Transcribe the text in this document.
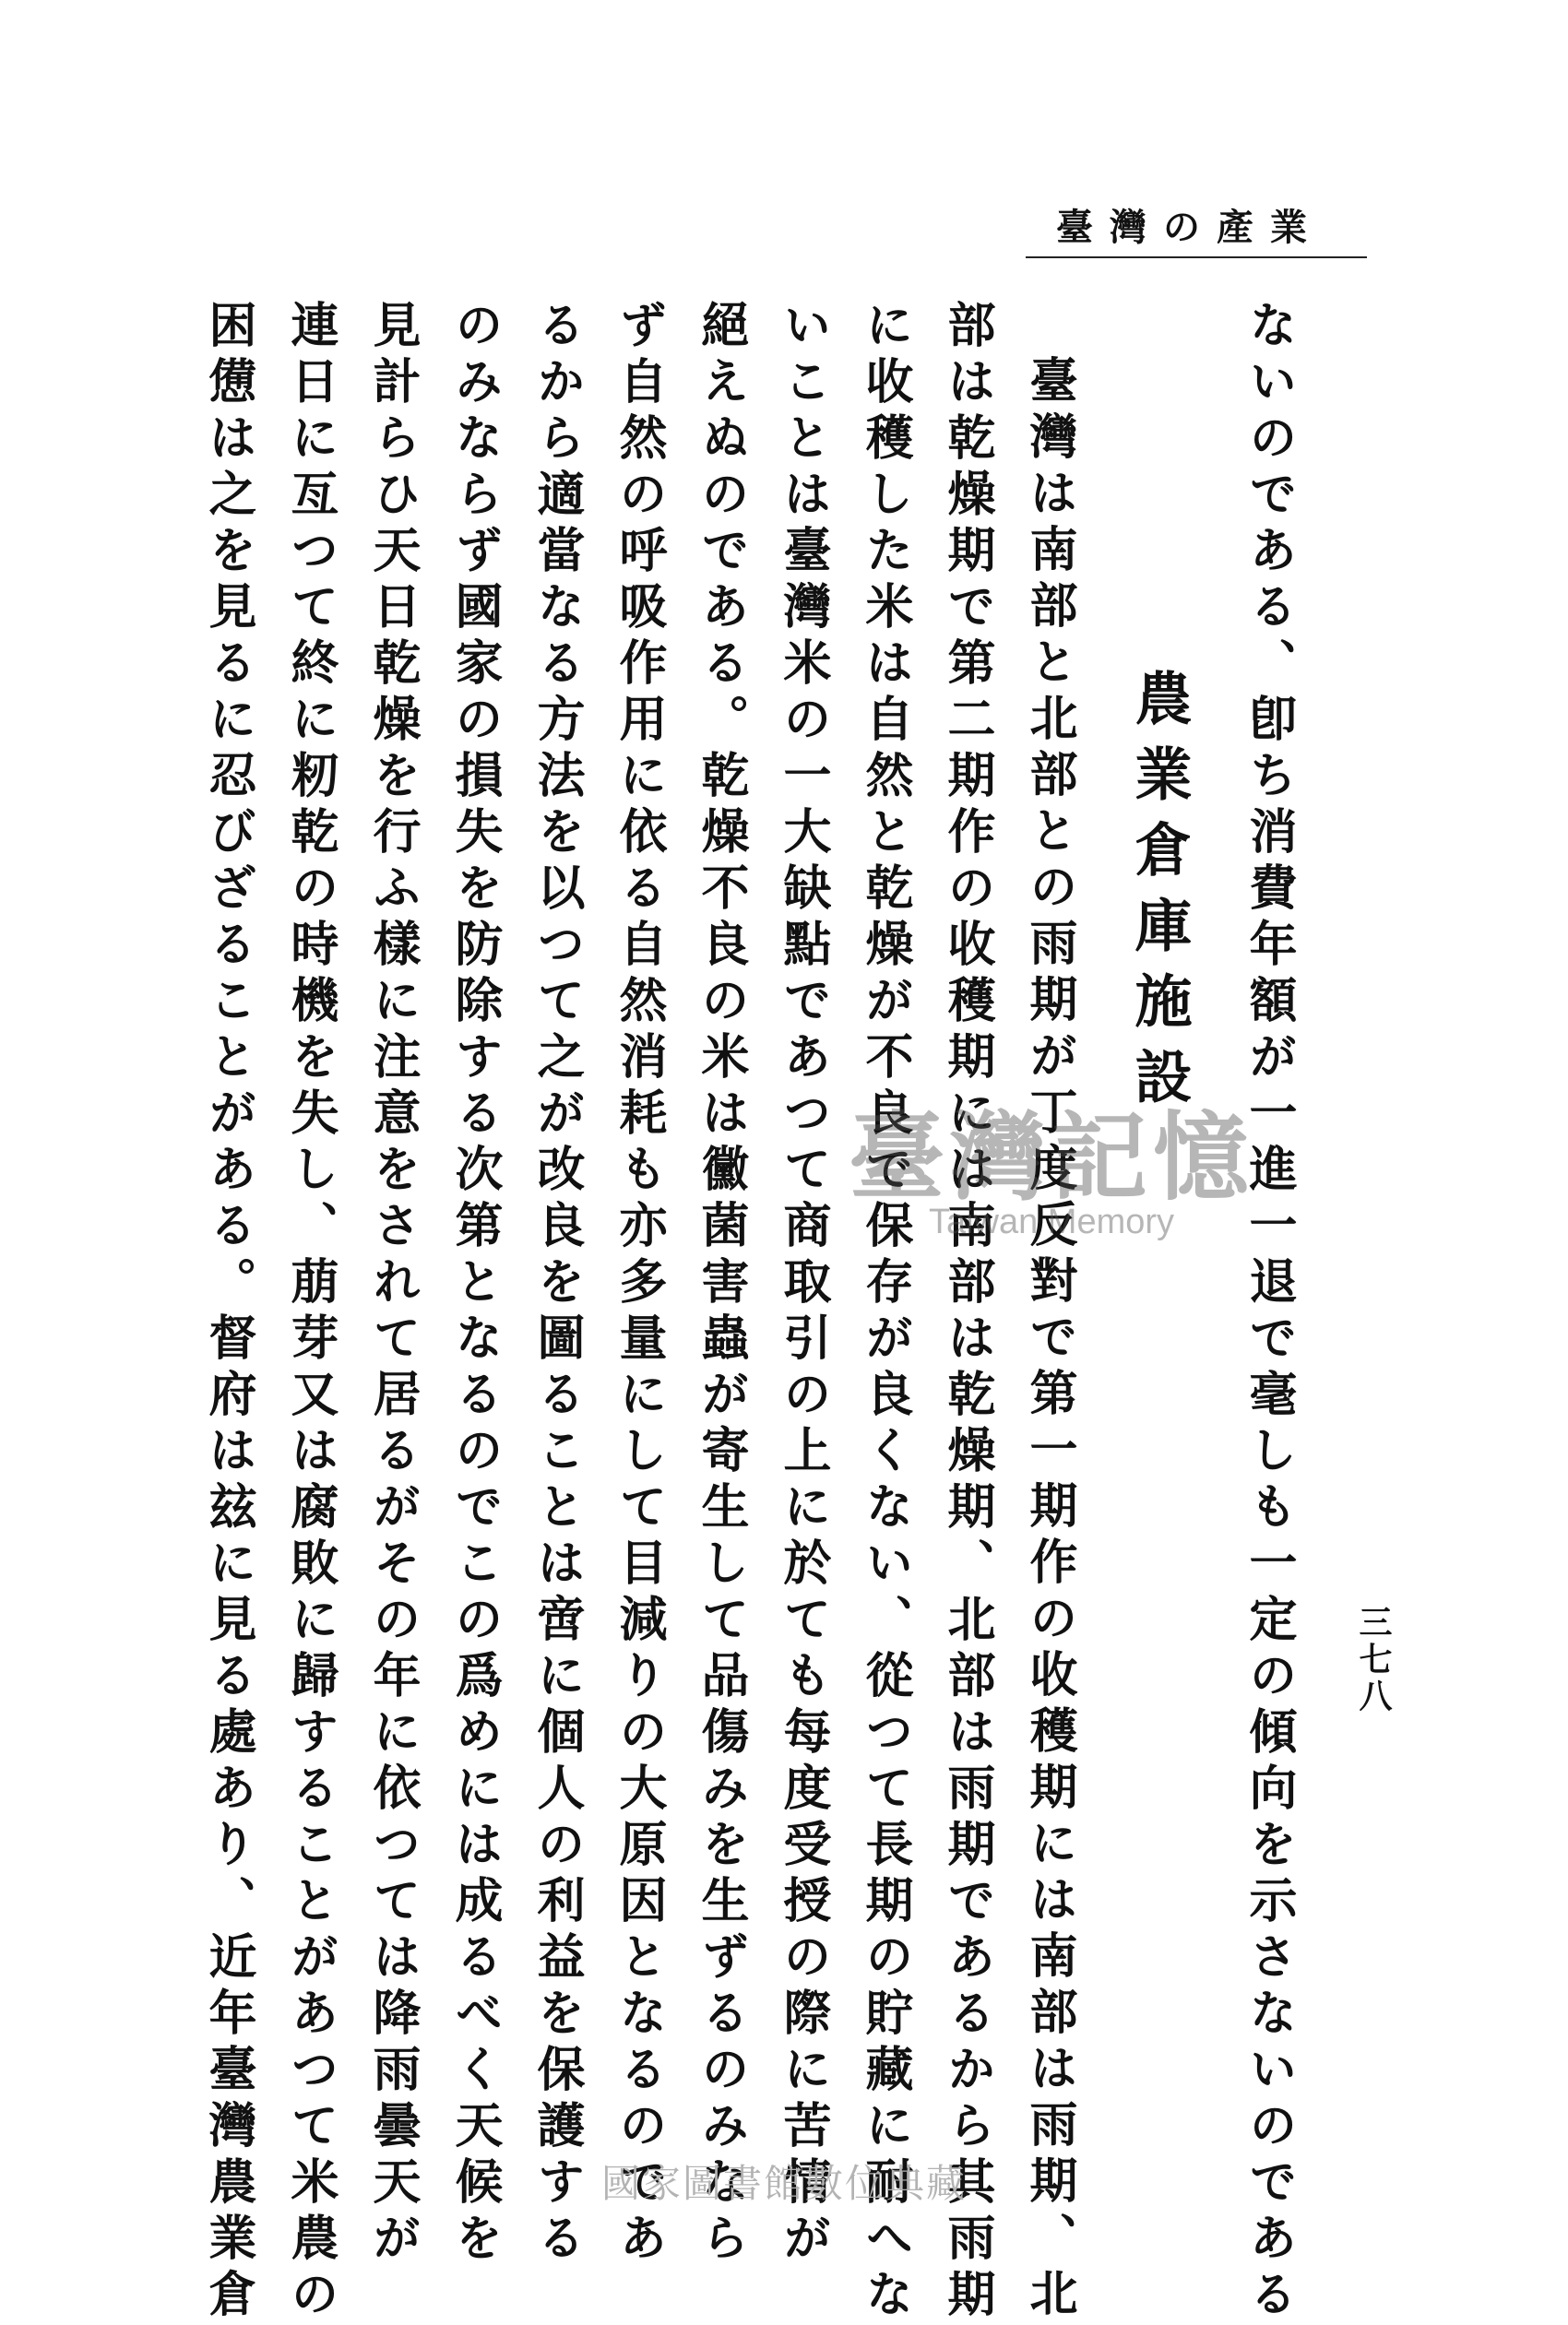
臺灣の產業
ないのである、卽ち消費年額が一進一退で毫しも一定の傾向を示さないのである
農業倉庫施設
臺灣は南部と北部との雨期が丁度反對で第一期作の收穫期には南部は雨期、北
部は乾燥期で第二期作の收穫期には南部は乾燥期、北部は雨期であるから其雨期
に收穫した米は自然と乾燥が不良で保存が良くない、從つて長期の貯藏に耐へな
いことは臺灣米の一大缺點であつて商取引の上に於ても每度受授の際に苦情が
絕えぬのである。乾燥不良の米は黴菌害蟲が寄生して品傷みを生ずるのみなら
ず自然の呼吸作用に依る自然消耗も亦多量にして目減りの大原因となるのであ
るから適當なる方法を以つて之が改良を圖ることは啻に個人の利益を保護する
のみならず國家の損失を防除する次第となるのでこの爲めには成るべく天候を
見計らひ天日乾燥を行ふ樣に注意をされて居るがその年に依つては降雨曇天が
連日に亙つて終に籾乾の時機を失し、萠芽又は腐敗に歸することがあつて米農の
困憊は之を見るに忍びざることがある。督府は玆に見る處あり、近年臺灣農業倉	三七八
臺灣記憶
Taiwan Memory
國家圖書館數位典藏
